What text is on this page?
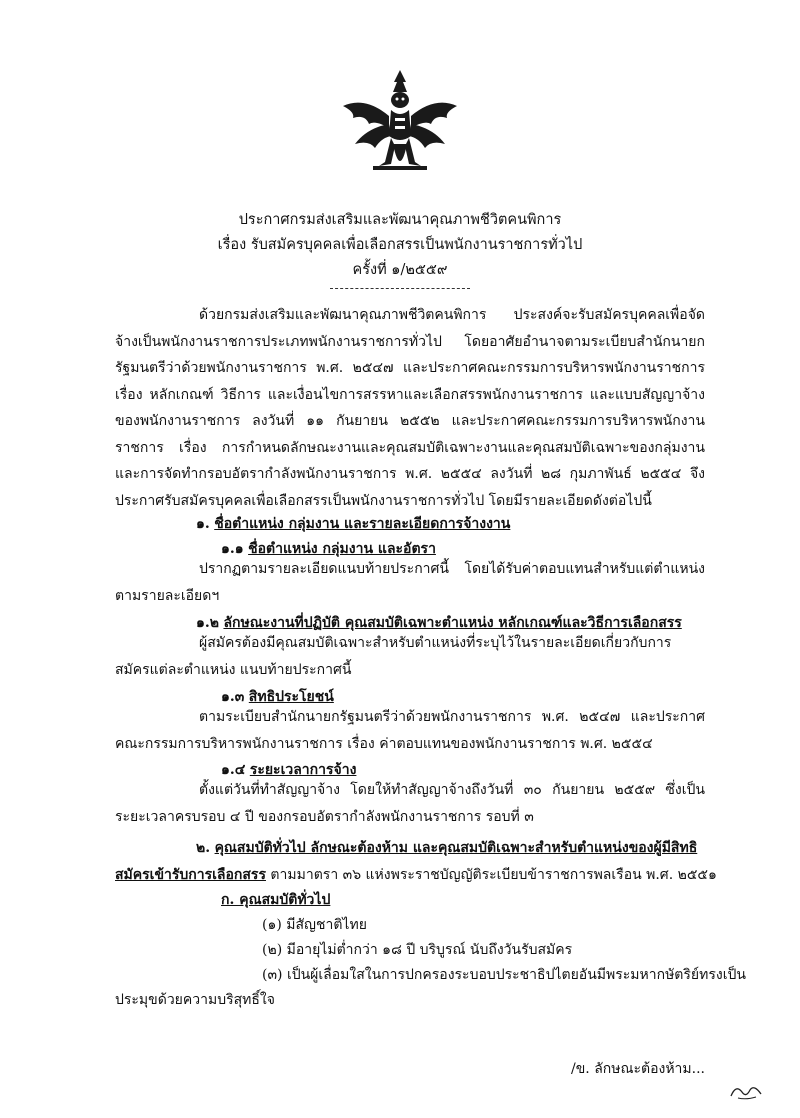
ประกาศกรมส่งเสริมและพัฒนาคุณภาพชีวิตคนพิการ
เรื่อง รับสมัครบุคคลเพื่อเลือกสรรเป็นพนักงานราชการทั่วไป
ครั้งที่ ๑/๒๕๕๙
ด้วยกรมส่งเสริมและพัฒนาคุณภาพชีวิตคนพิการ ประสงค์จะรับสมัครบุคคลเพื่อจัดจ้างเป็นพนักงานราชการประเภทพนักงานราชการทั่วไป โดยอาศัยอำนาจตามระเบียบสำนักนายกรัฐมนตรีว่าด้วยพนักงานราชการ พ.ศ. ๒๕๔๗ และประกาศคณะกรรมการบริหารพนักงานราชการ เรื่อง หลักเกณฑ์ วิธีการ และเงื่อนไขการสรรหาและเลือกสรรพนักงานราชการ และแบบสัญญาจ้างของพนักงานราชการ ลงวันที่ ๑๑ กันยายน ๒๕๕๒ และประกาศคณะกรรมการบริหารพนักงานราชการ เรื่อง การกำหนดลักษณะงานและคุณสมบัติเฉพาะงานและคุณสมบัติเฉพาะของกลุ่มงาน และการจัดทำกรอบอัตรากำลังพนักงานราชการ พ.ศ. ๒๕๕๔ ลงวันที่ ๒๘ กุมภาพันธ์ ๒๕๕๔ จึงประกาศรับสมัครบุคคลเพื่อเลือกสรรเป็นพนักงานราชการทั่วไป โดยมีรายละเอียดดังต่อไปนี้
๑. ชื่อตำแหน่ง กลุ่มงาน และรายละเอียดการจ้างงาน
๑.๑ ชื่อตำแหน่ง กลุ่มงาน และอัตรา
ปรากฏตามรายละเอียดแนบท้ายประกาศนี้ โดยได้รับค่าตอบแทนสำหรับแต่ตำแหน่งตามรายละเอียดฯ
๑.๒ ลักษณะงานที่ปฏิบัติ คุณสมบัติเฉพาะตำแหน่ง หลักเกณฑ์และวิธีการเลือกสรร
ผู้สมัครต้องมีคุณสมบัติเฉพาะสำหรับตำแหน่งที่ระบุไว้ในรายละเอียดเกี่ยวกับการสมัครแต่ละตำแหน่ง แนบท้ายประกาศนี้
๑.๓ สิทธิประโยชน์
ตามระเบียบสำนักนายกรัฐมนตรีว่าด้วยพนักงานราชการ พ.ศ. ๒๕๔๗ และประกาศคณะกรรมการบริหารพนักงานราชการ เรื่อง ค่าตอบแทนของพนักงานราชการ พ.ศ. ๒๕๕๔
๑.๔ ระยะเวลาการจ้าง
ตั้งแต่วันที่ทำสัญญาจ้าง โดยให้ทำสัญญาจ้างถึงวันที่ ๓๐ กันยายน ๒๕๕๙ ซึ่งเป็นระยะเวลาครบรอบ ๔ ปี ของกรอบอัตรากำลังพนักงานราชการ รอบที่ ๓
๒. คุณสมบัติทั่วไป ลักษณะต้องห้าม และคุณสมบัติเฉพาะสำหรับตำแหน่งของผู้มีสิทธิ
สมัครเข้ารับการเลือกสรร ตามมาตรา ๓๖ แห่งพระราชบัญญัติระเบียบข้าราชการพลเรือน พ.ศ. ๒๕๕๑
ก. คุณสมบัติทั่วไป
(๑) มีสัญชาติไทย
(๒) มีอายุไม่ต่ำกว่า ๑๘ ปี บริบูรณ์ นับถึงวันรับสมัคร
(๓) เป็นผู้เลื่อมใสในการปกครองระบอบประชาธิปไตยอันมีพระมหากษัตริย์ทรงเป็น
ประมุขด้วยความบริสุทธิ์ใจ
/ข. ลักษณะต้องห้าม...
